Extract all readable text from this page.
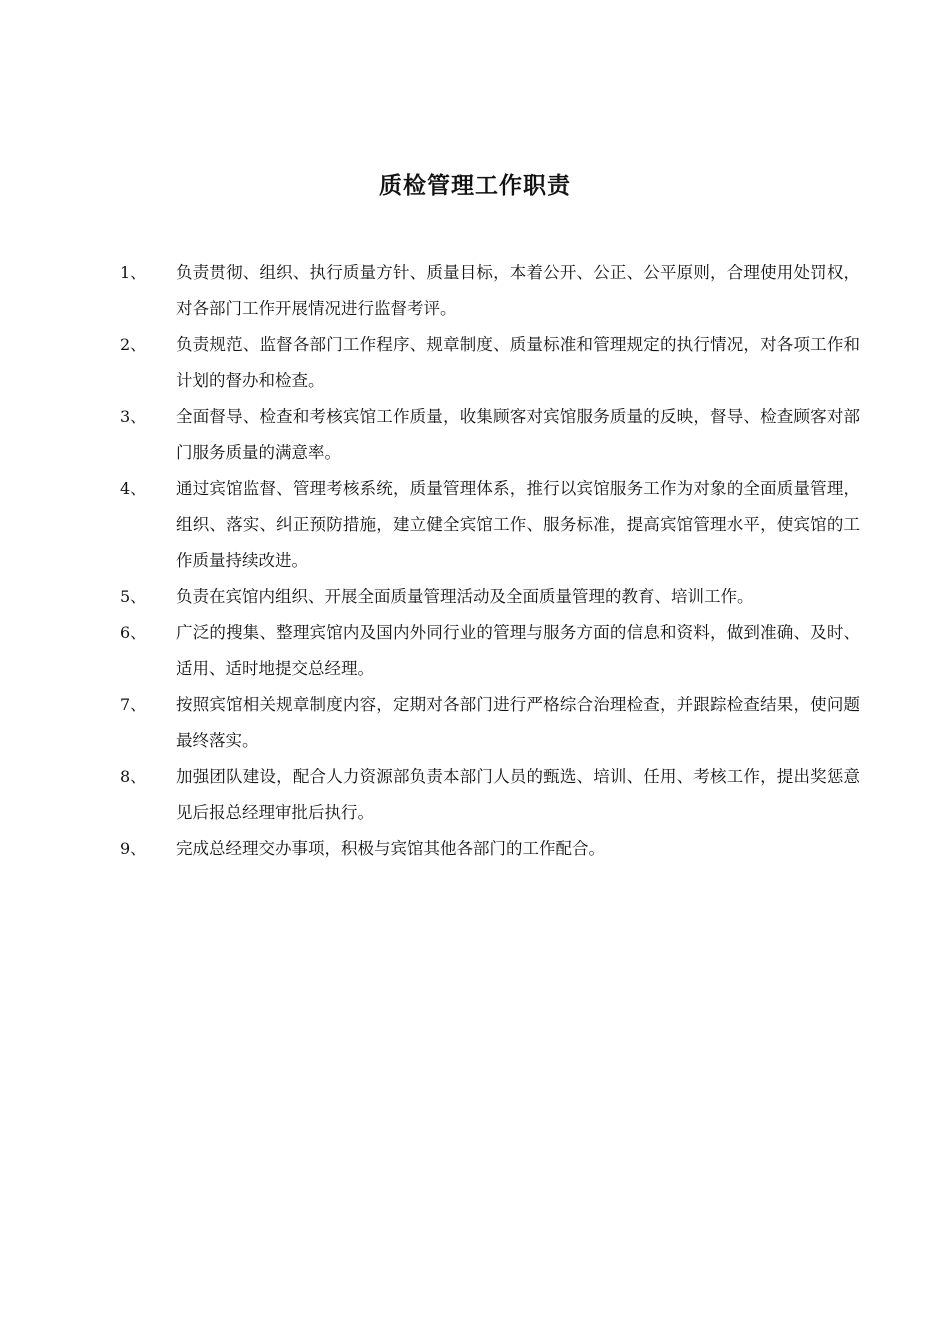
质检管理工作职责
1、	负责贯彻、组织、执行质量方针、质量目标，本着公开、公正、公平原则，合理使用处罚权，对各部门工作开展情况进行监督考评。
2、	负责规范、监督各部门工作程序、规章制度、质量标准和管理规定的执行情况，对各项工作和计划的督办和检查。
3、	全面督导、检查和考核宾馆工作质量，收集顾客对宾馆服务质量的反映，督导、检查顾客对部门服务质量的满意率。
4、	通过宾馆监督、管理考核系统，质量管理体系，推行以宾馆服务工作为对象的全面质量管理，组织、落实、纠正预防措施，建立健全宾馆工作、服务标准，提高宾馆管理水平，使宾馆的工作质量持续改进。
5、	负责在宾馆内组织、开展全面质量管理活动及全面质量管理的教育、培训工作。
6、	广泛的搜集、整理宾馆内及国内外同行业的管理与服务方面的信息和资料，做到准确、及时、适用、适时地提交总经理。
7、	按照宾馆相关规章制度内容，定期对各部门进行严格综合治理检查，并跟踪检查结果，使问题最终落实。
8、	加强团队建设，配合人力资源部负责本部门人员的甄选、培训、任用、考核工作，提出奖惩意见后报总经理审批后执行。
9、	完成总经理交办事项，积极与宾馆其他各部门的工作配合。
